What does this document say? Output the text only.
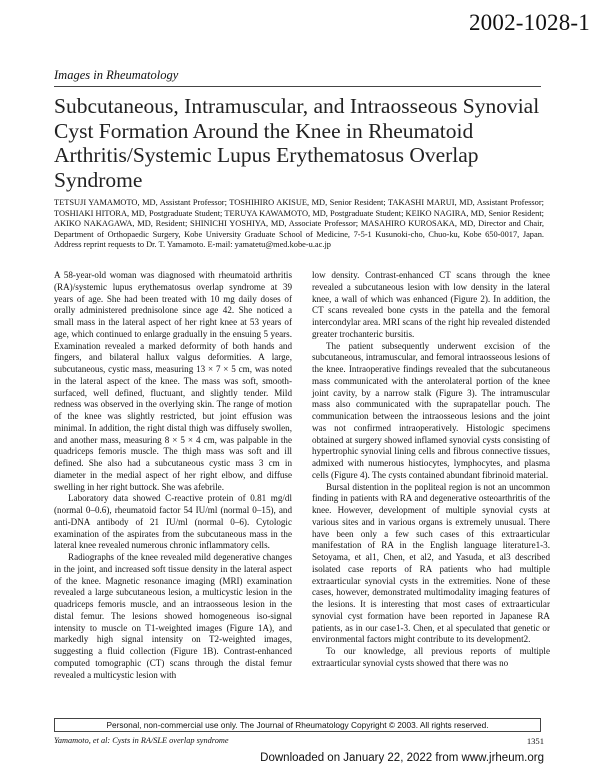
2002-1028-1
Images in Rheumatology
Subcutaneous, Intramuscular, and Intraosseous Synovial Cyst Formation Around the Knee in Rheumatoid Arthritis/Systemic Lupus Erythematosus Overlap Syndrome
TETSUJI YAMAMOTO, MD, Assistant Professor; TOSHIHIRO AKISUE, MD, Senior Resident; TAKASHI MARUI, MD, Assistant Professor; TOSHIAKI HITORA, MD, Postgraduate Student; TERUYA KAWAMOTO, MD, Postgraduate Student; KEIKO NAGIRA, MD, Senior Resident; AKIKO NAKAGAWA, MD, Resident; SHINICHI YOSHIYA, MD, Associate Professor; MASAHIRO KUROSAKA, MD, Director and Chair, Department of Orthopaedic Surgery, Kobe University Graduate School of Medicine, 7-5-1 Kusunoki-cho, Chuo-ku, Kobe 650-0017, Japan. Address reprint requests to Dr. T. Yamamoto. E-mail: yamatetu@med.kobe-u.ac.jp

A 58-year-old woman was diagnosed with rheumatoid arthritis (RA)/systemic lupus erythematosus overlap syndrome at 39 years of age. She had been treated with 10 mg daily doses of orally administered prednisolone since age 42. She noticed a small mass in the lateral aspect of her right knee at 53 years of age, which continued to enlarge gradually in the ensuing 5 years. Examination revealed a marked deformity of both hands and fingers, and bilateral hallux valgus deformities. A large, subcutaneous, cystic mass, measuring 13 × 7 × 5 cm, was noted in the lateral aspect of the knee. The mass was soft, smooth-surfaced, well defined, fluctuant, and slightly tender. Mild redness was observed in the overlying skin. The range of motion of the knee was slightly restricted, but joint effusion was minimal. In addition, the right distal thigh was diffusely swollen, and another mass, measuring 8 × 5 × 4 cm, was palpable in the quadriceps femoris muscle. The thigh mass was soft and ill defined. She also had a subcutaneous cystic mass 3 cm in diameter in the medial aspect of her right elbow, and diffuse swelling in her right buttock. She was afebrile.

Laboratory data showed C-reactive protein of 0.81 mg/dl (normal 0–0.6), rheumatoid factor 54 IU/ml (normal 0–15), and anti-DNA antibody of 21 IU/ml (normal 0–6). Cytologic examination of the aspirates from the subcutaneous mass in the lateral knee revealed numerous chronic inflammatory cells.

Radiographs of the knee revealed mild degenerative changes in the joint, and increased soft tissue density in the lateral aspect of the knee. Magnetic resonance imaging (MRI) examination revealed a large subcutaneous lesion, a multicystic lesion in the quadriceps femoris muscle, and an intraosseous lesion in the distal femur. The lesions showed homogeneous iso-signal intensity to muscle on T1-weighted images (Figure 1A), and markedly high signal intensity on T2-weighted images, suggesting a fluid collection (Figure 1B). Contrast-enhanced computed tomographic (CT) scans through the distal femur revealed a multicystic lesion with

low density. Contrast-enhanced CT scans through the knee revealed a subcutaneous lesion with low density in the lateral knee, a wall of which was enhanced (Figure 2). In addition, the CT scans revealed bone cysts in the patella and the femoral intercondylar area. MRI scans of the right hip revealed distended greater trochanteric bursitis.

The patient subsequently underwent excision of the subcutaneous, intramuscular, and femoral intraosseous lesions of the knee. Intraoperative findings revealed that the subcutaneous mass communicated with the anterolateral portion of the knee joint cavity, by a narrow stalk (Figure 3). The intramuscular mass also communicated with the suprapatellar pouch. The communication between the intraosseous lesions and the joint was not confirmed intraoperatively. Histologic specimens obtained at surgery showed inflamed synovial cysts consisting of hypertrophic synovial lining cells and fibrous connective tissues, admixed with numerous histiocytes, lymphocytes, and plasma cells (Figure 4). The cysts contained abundant fibrinoid material.

Bursal distention in the popliteal region is not an uncommon finding in patients with RA and degenerative osteoarthritis of the knee. However, development of multiple synovial cysts at various sites and in various organs is extremely unusual. There have been only a few such cases of this extraarticular manifestation of RA in the English language literature1-3. Setoyama, et al1, Chen, et al2, and Yasuda, et al3 described isolated case reports of RA patients who had multiple extraarticular synovial cysts in the extremities. None of these cases, however, demonstrated multimodality imaging features of the lesions. It is interesting that most cases of extraarticular synovial cyst formation have been reported in Japanese RA patients, as in our case1-3. Chen, et al speculated that genetic or environmental factors might contribute to its development2.

To our knowledge, all previous reports of multiple extraarticular synovial cysts showed that there was no

Personal, non-commercial use only. The Journal of Rheumatology Copyright © 2003. All rights reserved.
Yamamoto, et al: Cysts in RA/SLE overlap syndrome	1351
Downloaded on January 22, 2022 from www.jrheum.org
